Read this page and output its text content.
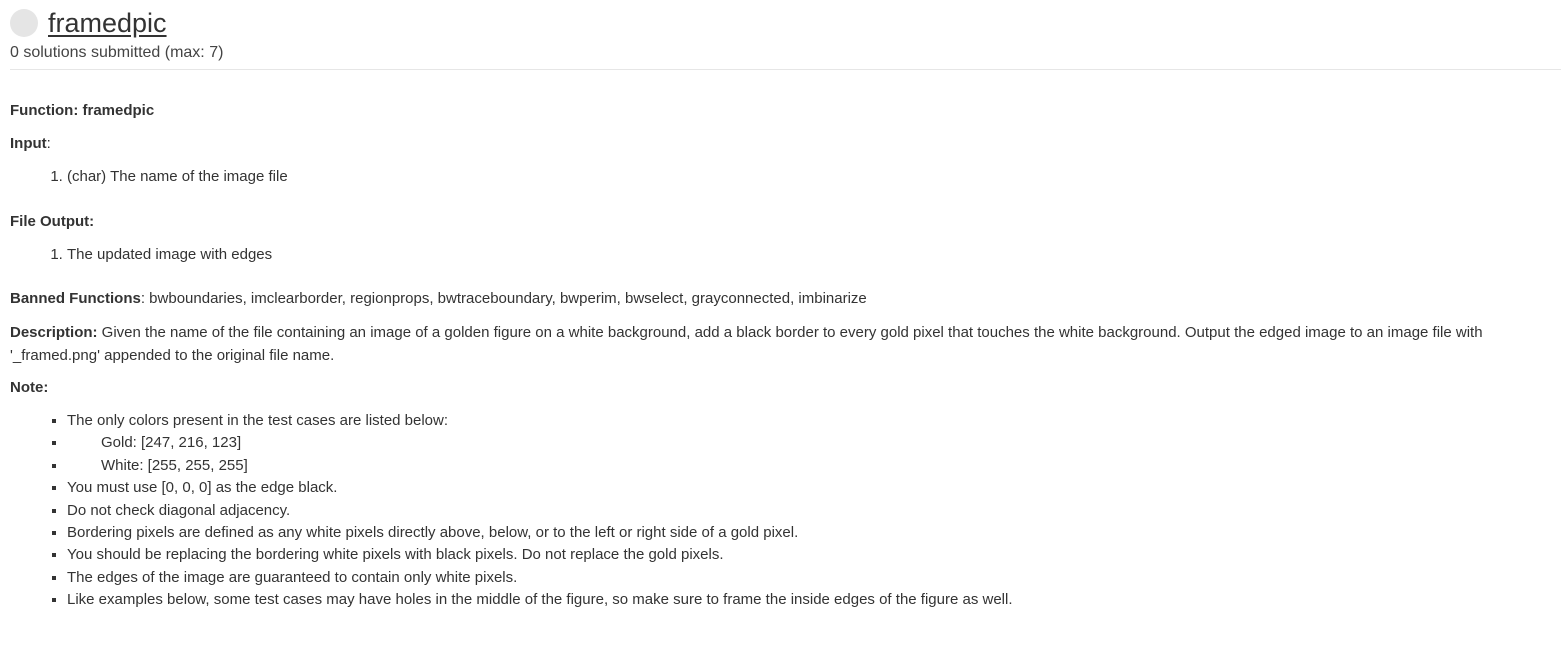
framedpic
0 solutions submitted (max: 7)

Function: framedpic

Input:

1. (char) The name of the image file

File Output:

1. The updated image with edges

Banned Functions: bwboundaries, imclearborder, regionprops, bwtraceboundary, bwperim, bwselect, grayconnected, imbinarize

Description: Given the name of the file containing an image of a golden figure on a white background, add a black border to every gold pixel that touches the white background. Output the edged image to an image file with '_framed.png' appended to the original file name.

Note:

▪ The only colors present in the test cases are listed below:
▪ Gold: [247, 216, 123]
▪ White: [255, 255, 255]
▪ You must use [0, 0, 0] as the edge black.
▪ Do not check diagonal adjacency.
▪ Bordering pixels are defined as any white pixels directly above, below, or to the left or right side of a gold pixel.
▪ You should be replacing the bordering white pixels with black pixels. Do not replace the gold pixels.
▪ The edges of the image are guaranteed to contain only white pixels.
▪ Like examples below, some test cases may have holes in the middle of the figure, so make sure to frame the inside edges of the figure as well.
